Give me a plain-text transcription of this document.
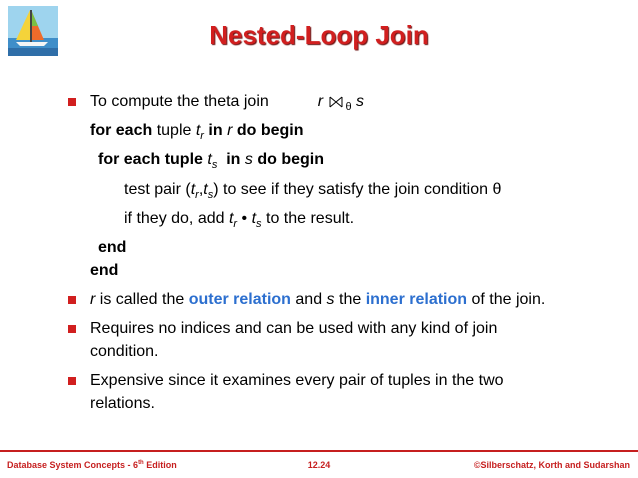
Nested-Loop Join
To compute the theta join	r $_\theta$ s
for each tuple $t_r$ in r do begin
for each tuple $t_s$  in s do begin
test pair $(t_r,t_s)$ to see if they satisfy the join condition θ
if they do, add $t_r$ • $t_s$ to the result.
end
end
r is called the outer relation and s the inner relation of the join.
Requires no indices and can be used with any kind of join
condition.
Expensive since it examines every pair of tuples in the two
relations.
Database System Concepts - 6th Edition	12.24	©Silberschatz, Korth and Sudarshan
